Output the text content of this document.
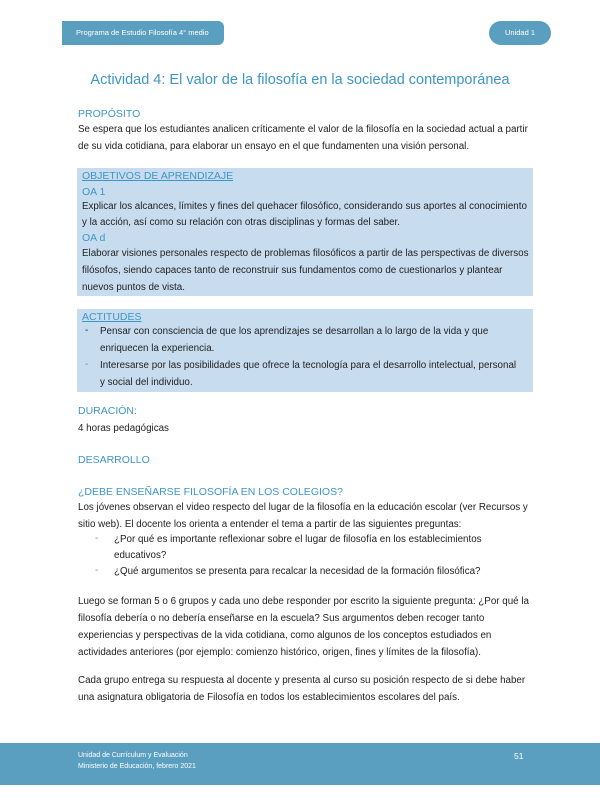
Programa de Estudio Filosofía 4° medio	Unidad 1
Actividad 4: El valor de la filosofía en la sociedad contemporánea
PROPÓSITO
Se espera que los estudiantes analicen críticamente el valor de la filosofía en la sociedad actual a partir
de su vida cotidiana, para elaborar un ensayo en el que fundamenten una visión personal.
OBJETIVOS DE APRENDIZAJE
OA 1
Explicar los alcances, límites y fines del quehacer filosófico, considerando sus aportes al conocimiento
y la acción, así como su relación con otras disciplinas y formas del saber.
OA d
Elaborar visiones personales respecto de problemas filosóficos a partir de las perspectivas de diversos
filósofos, siendo capaces tanto de reconstruir sus fundamentos como de cuestionarlos y plantear
nuevos puntos de vista.
ACTITUDES
- Pensar con consciencia de que los aprendizajes se desarrollan a lo largo de la vida y que
enriquecen la experiencia.
- Interesarse por las posibilidades que ofrece la tecnología para el desarrollo intelectual, personal
y social del individuo.
DURACIÓN:
4 horas pedagógicas
DESARROLLO
¿DEBE ENSEÑARSE FILOSOFÍA EN LOS COLEGIOS?
Los jóvenes observan el video respecto del lugar de la filosofía en la educación escolar (ver Recursos y
sitio web). El docente los orienta a entender el tema a partir de las siguientes preguntas:
- ¿Por qué es importante reflexionar sobre el lugar de filosofía en los establecimientos
educativos?
- ¿Qué argumentos se presenta para recalcar la necesidad de la formación filosófica?
Luego se forman 5 o 6 grupos y cada uno debe responder por escrito la siguiente pregunta: ¿Por qué la
filosofía debería o no debería enseñarse en la escuela? Sus argumentos deben recoger tanto
experiencias y perspectivas de la vida cotidiana, como algunos de los conceptos estudiados en
actividades anteriores (por ejemplo: comienzo histórico, origen, fines y límites de la filosofía).
Cada grupo entrega su respuesta al docente y presenta al curso su posición respecto de si debe haber
una asignatura obligatoria de Filosofía en todos los establecimientos escolares del país.
Unidad de Currículum y Evaluación
Ministerio de Educación, febrero 2021
51
